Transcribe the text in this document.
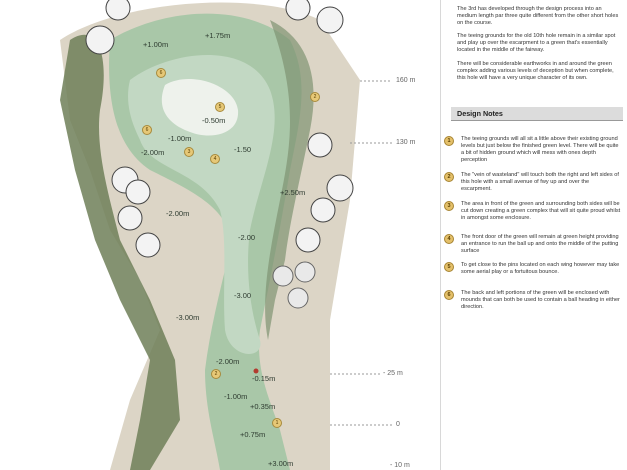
+1.00m
+1.75m
-0.50m
-1.00m
-2.00m	-1.50
+2.50m
-2.00
-3.00
-3.00m
-2.00m
-0.15m
-1.00m
+0.35m
+0.75m
+3.00m
-2.00m
160 m
130 m
- 25 m
0
- 10 m
6
5
6
3
4
2
2
1

The 3rd has developed through the design process into an medium length par three quite different from the other short holes on the course.

The teeing grounds for the old 10th hole remain in a similar spot and play up over the escarpment to a green that's essentially located in the middle of the fairway.

There will be considerable earthworks in and around the green complex adding various levels of deception but when complete, this hole will have a very unique character of its own.

Design Notes
1	The teeing grounds will all sit a little above their existing ground levels but just below the finished green level. There will be quite a bit of hidden ground which will mess with ones depth perception
2	The "vein of wasteland" will touch both the right and left sides of this hole with a small avenue of fwy up and over the escarpment.
3	The area in front of the green and surrounding both sides will be cut down creating a green complex that will sit quite proud whilst in amongst some enclosure.
4	The front door of the green will remain at green height providing an entrance to run the ball up and onto the middle of the putting surface
5	To get close to the pins located on each wing however may take some aerial play or a fortuitous bounce.
6	The back and left portions of the green will be enclosed with mounds that can both be used to contain a ball heading in either direction.
